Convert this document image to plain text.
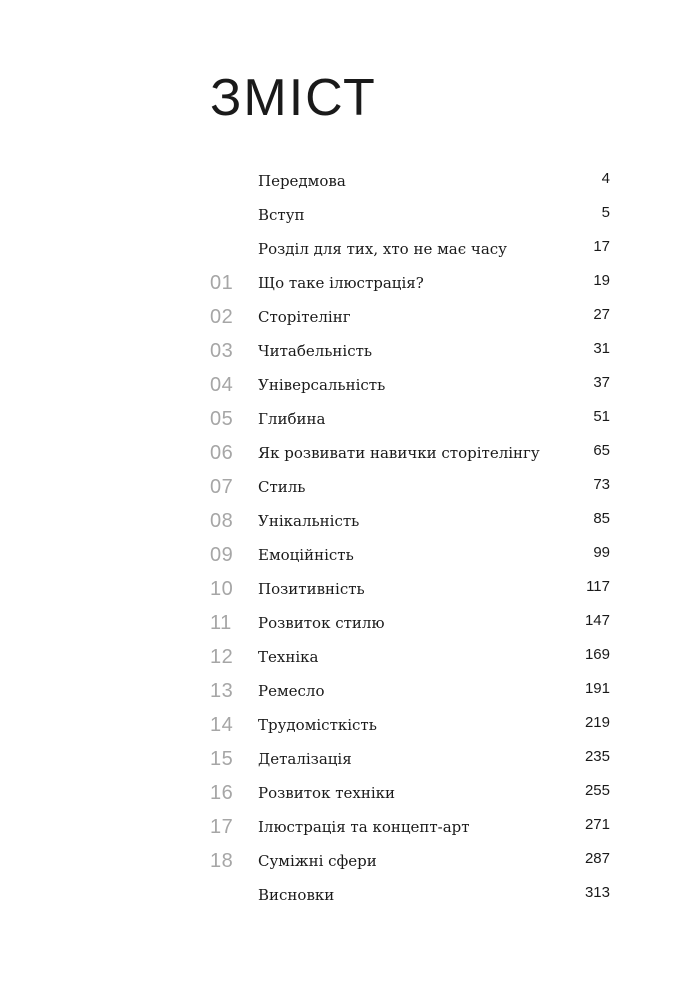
ЗМІСТ
Передмова	4
Вступ	5
Розділ для тих, хто не має часу	17
01	Що таке ілюстрація?	19
02	Сторітелінг	27
03	Читабельність	31
04	Універсальність	37
05	Глибина	51
06	Як розвивати навички сторітелінгу	65
07	Стиль	73
08	Унікальність	85
09	Емоційність	99
10	Позитивність	117
11	Розвиток стилю	147
12	Техніка	169
13	Ремесло	191
14	Трудомісткість	219
15	Деталізація	235
16	Розвиток техніки	255
17	Ілюстрація та концепт-арт	271
18	Суміжні сфери	287
Висновки	313
